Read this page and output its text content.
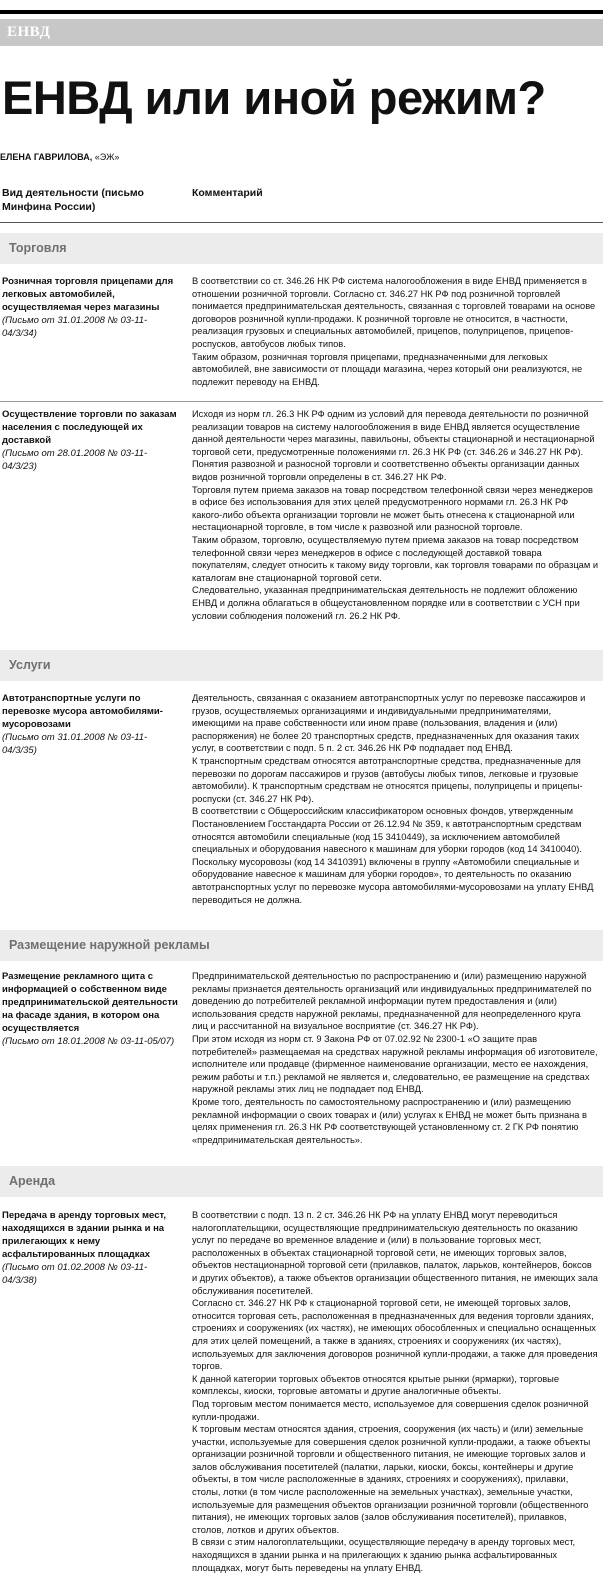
ЕНВД
ЕНВД или иной режим?
ЕЛЕНА ГАВРИЛОВА, «ЭЖ»
Вид деятельности (письмо Минфина России)
Комментарий
Торговля
Розничная торговля прицепами для легковых автомобилей, осуществляемая через магазины
(Письмо от 31.01.2008 № 03-11-04/3/34)

В соответствии со ст. 346.26 НК РФ система налогообложения в виде ЕНВД применяется в отношении розничной торговли. Согласно ст. 346.27 НК РФ под розничной торговлей понимается предпринимательская деятельность, связанная с торговлей товарами на основе договоров розничной купли-продажи. К розничной торговле не относится, в частности, реализация грузовых и специальных автомобилей, прицепов, полуприцепов, прицепов-роспусков, автобусов любых типов.

Таким образом, розничная торговля прицепами, предназначенными для легковых автомобилей, вне зависимости от площади магазина, через который они реализуются, не подлежит переводу на ЕНВД.

Осуществление торговли по заказам населения с последующей их доставкой
(Письмо от 28.01.2008 № 03-11-04/3/23)

Исходя из норм гл. 26.3 НК РФ одним из условий для перевода деятельности по розничной реализации товаров на систему налогообложения в виде ЕНВД является осуществление данной деятельности через магазины, павильоны, объекты стационарной и нестационарной торговой сети, предусмотренные положениями гл. 26.3 НК РФ (ст. 346.26 и 346.27 НК РФ).

Понятия развозной и разносной торговли и соответственно объекты организации данных видов розничной торговли определены в ст. 346.27 НК РФ.

Торговля путем приема заказов на товар посредством телефонной связи через менеджеров в офисе без использования для этих целей предусмотренного нормами гл. 26.3 НК РФ какого-либо объекта организации торговли не может быть отнесена к стационарной или нестационарной торговле, в том числе к развозной или разносной торговле.

Таким образом, торговлю, осуществляемую путем приема заказов на товар посредством телефонной связи через менеджеров в офисе с последующей доставкой товара покупателям, следует относить к такому виду торговли, как торговля товарами по образцам и каталогам вне стационарной торговой сети.

Следовательно, указанная предпринимательская деятельность не подлежит обложению ЕНВД и должна облагаться в общеустановленном порядке или в соответствии с УСН при условии соблюдения положений гл. 26.2 НК РФ.

Услуги
Автотранспортные услуги по перевозке мусора автомобилями-мусоровозами
(Письмо от 31.01.2008 № 03-11-04/3/35)

Деятельность, связанная с оказанием автотранспортных услуг по перевозке пассажиров и грузов, осуществляемых организациями и индивидуальными предпринимателями, имеющими на праве собственности или ином праве (пользования, владения и (или) распоряжения) не более 20 транспортных средств, предназначенных для оказания таких услуг, в соответствии с подп. 5 п. 2 ст. 346.26 НК РФ подпадает под ЕНВД.

К транспортным средствам относятся автотранспортные средства, предназначенные для перевозки по дорогам пассажиров и грузов (автобусы любых типов, легковые и грузовые автомобили). К транспортным средствам не относятся прицепы, полуприцепы и прицепы-роспуски (ст. 346.27 НК РФ).

В соответствии с Общероссийским классификатором основных фондов, утвержденным Постановлением Госстандарта России от 26.12.94 № 359, к автотранспортным средствам относятся автомобили специальные (код 15 3410449), за исключением автомобилей специальных и оборудования навесного к машинам для уборки городов (код 14 3410040).

Поскольку мусоровозы (код 14 3410391) включены в группу «Автомобили специальные и оборудование навесное к машинам для уборки городов», то деятельность по оказанию автотранспортных услуг по перевозке мусора автомобилями-мусоровозами на уплату ЕНВД переводиться не должна.

Размещение наружной рекламы
Размещение рекламного щита с информацией о собственном виде предпринимательской деятельности на фасаде здания, в котором она осуществляется
(Письмо от 18.01.2008 № 03-11-05/07)

Предпринимательской деятельностью по распространению и (или) размещению наружной рекламы признается деятельность организаций или индивидуальных предпринимателей по доведению до потребителей рекламной информации путем предоставления и (или) использования средств наружной рекламы, предназначенной для неопределенного круга лиц и рассчитанной на визуальное восприятие (ст. 346.27 НК РФ).

При этом исходя из норм ст. 9 Закона РФ от 07.02.92 № 2300-1 «О защите прав потребителей» размещаемая на средствах наружной рекламы информация об изготовителе, исполнителе или продавце (фирменное наименование организации, место ее нахождения, режим работы и т.п.) рекламой не является и, следовательно, ее размещение на средствах наружной рекламы этих лиц не подпадает под ЕНВД.

Кроме того, деятельность по самостоятельному распространению и (или) размещению рекламной информации о своих товарах и (или) услугах к ЕНВД не может быть признана в целях применения гл. 26.3 НК РФ соответствующей установленному ст. 2 ГК РФ понятию «предпринимательская деятельность».

Аренда
Передача в аренду торговых мест, находящихся в здании рынка и на прилегающих к нему асфальтированных площадках
(Письмо от 01.02.2008 № 03-11-04/3/38)

В соответствии с подп. 13 п. 2 ст. 346.26 НК РФ на уплату ЕНВД могут переводиться налогоплательщики, осуществляющие предпринимательскую деятельность по оказанию услуг по передаче во временное владение и (или) в пользование торговых мест, расположенных в объектах стационарной торговой сети, не имеющих торговых залов, объектов нестационарной торговой сети (прилавков, палаток, ларьков, контейнеров, боксов и других объектов), а также объектов организации общественного питания, не имеющих зала обслуживания посетителей.

Согласно ст. 346.27 НК РФ к стационарной торговой сети, не имеющей торговых залов, относится торговая сеть, расположенная в предназначенных для ведения торговли зданиях, строениях и сооружениях (их частях), не имеющих обособленных и специально оснащенных для этих целей помещений, а также в зданиях, строениях и сооружениях (их частях), используемых для заключения договоров розничной купли-продажи, а также для проведения торгов.

К данной категории торговых объектов относятся крытые рынки (ярмарки), торговые комплексы, киоски, торговые автоматы и другие аналогичные объекты.

Под торговым местом понимается место, используемое для совершения сделок розничной купли-продажи.

К торговым местам относятся здания, строения, сооружения (их часть) и (или) земельные участки, используемые для совершения сделок розничной купли-продажи, а также объекты организации розничной торговли и общественного питания, не имеющие торговых залов и залов обслуживания посетителей (палатки, ларьки, киоски, боксы, контейнеры и другие объекты, в том числе расположенные в зданиях, строениях и сооружениях), прилавки, столы, лотки (в том числе расположенные на земельных участках), земельные участки, используемые для размещения объектов организации розничной торговли (общественного питания), не имеющих торговых залов (залов обслуживания посетителей), прилавков, столов, лотков и других объектов.

В связи с этим налогоплательщики, осуществляющие передачу в аренду торговых мест, находящихся в здании рынка и на прилегающих к зданию рынка асфальтированных площадках, могут быть переведены на уплату ЕНВД.
